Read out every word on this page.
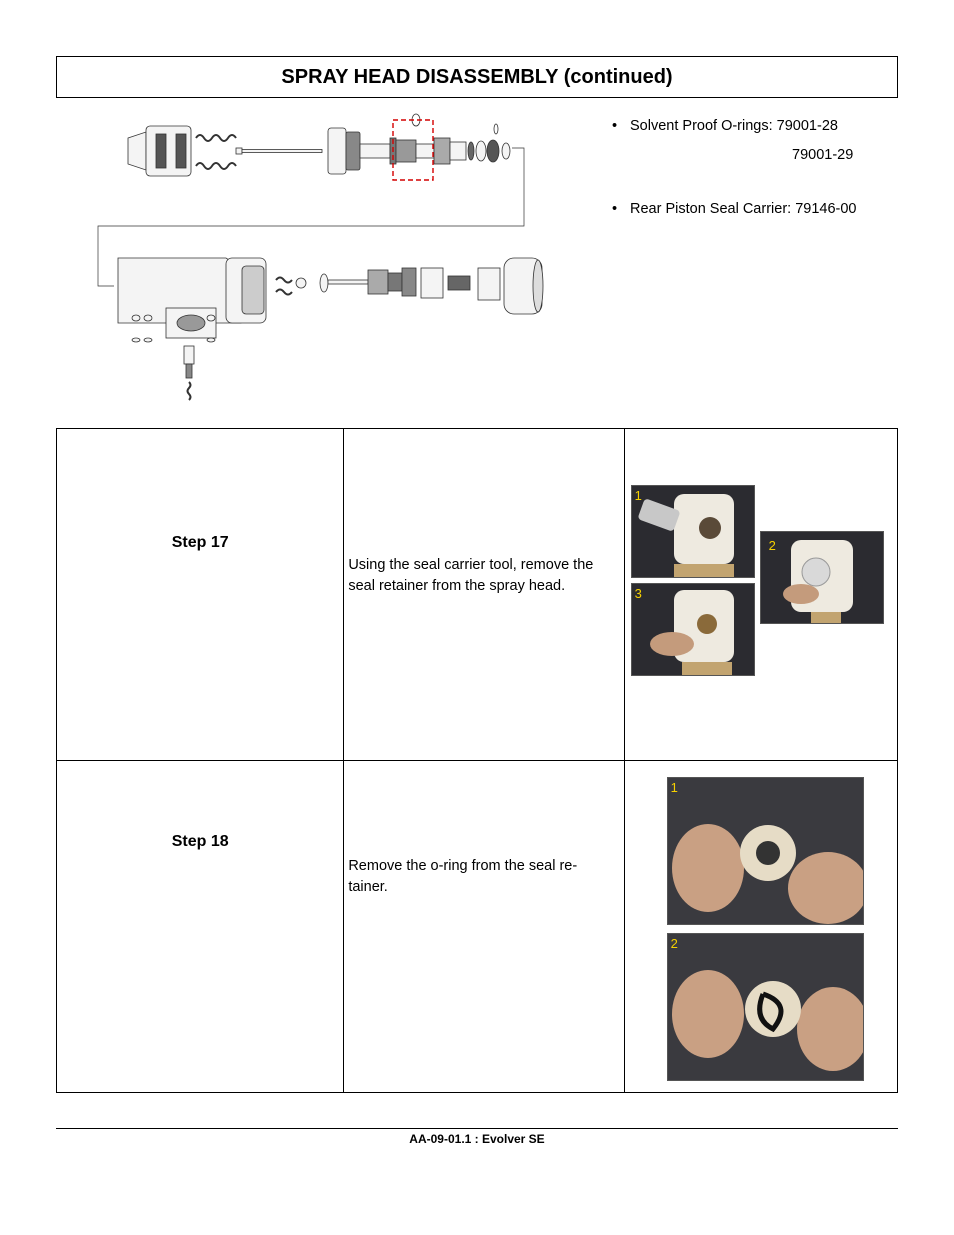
SPRAY HEAD DISASSEMBLY (continued)
• Solvent Proof O-rings: 79001-28
79001-29
• Rear Piston Seal Carrier: 79146-00
Step 17	Using the seal carrier tool, remove the seal retainer from the spray head.	1
2
3

Step 18	Remove the o-ring from the seal re-tainer.	1
2
AA-09-01.1 : Evolver SE
